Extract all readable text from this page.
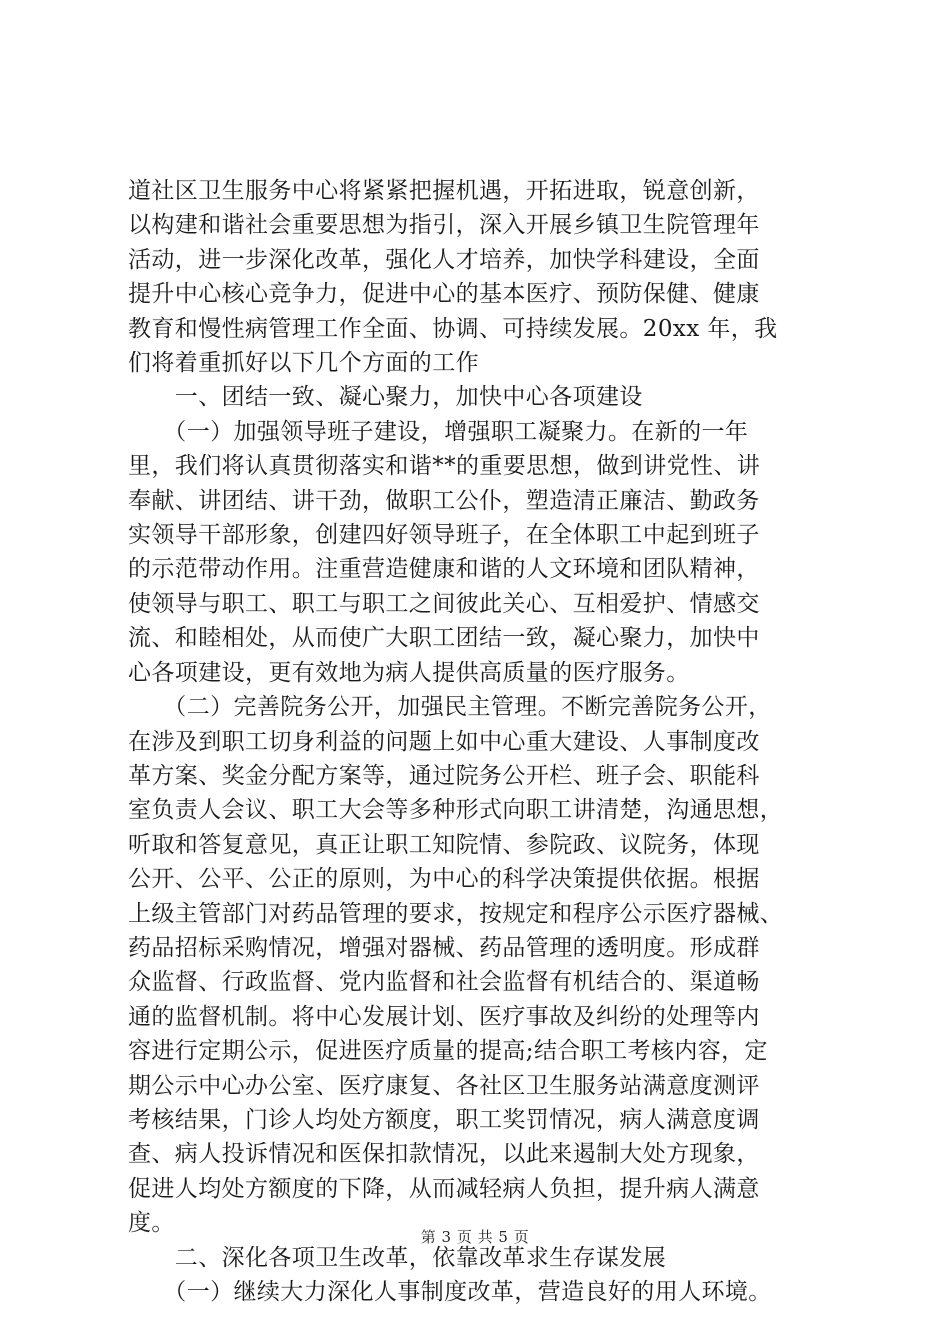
道社区卫生服务中心将紧紧把握机遇，开拓进取，锐意创新，
以构建和谐社会重要思想为指引，深入开展乡镇卫生院管理年
活动，进一步深化改革，强化人才培养，加快学科建设，全面
提升中心核心竞争力，促进中心的基本医疗、预防保健、健康
教育和慢性病管理工作全面、协调、可持续发展。20xx 年，我
们将着重抓好以下几个方面的工作
　　一、团结一致、凝心聚力，加快中心各项建设
　　（一）加强领导班子建设，增强职工凝聚力。在新的一年
里，我们将认真贯彻落实和谐**的重要思想，做到讲党性、讲
奉献、讲团结、讲干劲，做职工公仆，塑造清正廉洁、勤政务
实领导干部形象，创建四好领导班子，在全体职工中起到班子
的示范带动作用。注重营造健康和谐的人文环境和团队精神，
使领导与职工、职工与职工之间彼此关心、互相爱护、情感交
流、和睦相处，从而使广大职工团结一致，凝心聚力，加快中
心各项建设，更有效地为病人提供高质量的医疗服务。
　　（二）完善院务公开，加强民主管理。不断完善院务公开，
在涉及到职工切身利益的问题上如中心重大建设、人事制度改
革方案、奖金分配方案等，通过院务公开栏、班子会、职能科
室负责人会议、职工大会等多种形式向职工讲清楚，沟通思想，
听取和答复意见，真正让职工知院情、参院政、议院务，体现
公开、公平、公正的原则，为中心的科学决策提供依据。根据
上级主管部门对药品管理的要求，按规定和程序公示医疗器械、
药品招标采购情况，增强对器械、药品管理的透明度。形成群
众监督、行政监督、党内监督和社会监督有机结合的、渠道畅
通的监督机制。将中心发展计划、医疗事故及纠纷的处理等内
容进行定期公示，促进医疗质量的提高;结合职工考核内容，定
期公示中心办公室、医疗康复、各社区卫生服务站满意度测评
考核结果，门诊人均处方额度，职工奖罚情况，病人满意度调
查、病人投诉情况和医保扣款情况，以此来遏制大处方现象，
促进人均处方额度的下降，从而减轻病人负担，提升病人满意
度。
　　二、深化各项卫生改革，依靠改革求生存谋发展
　　（一）继续大力深化人事制度改革，营造良好的用人环境。
第 3 页 共 5 页
